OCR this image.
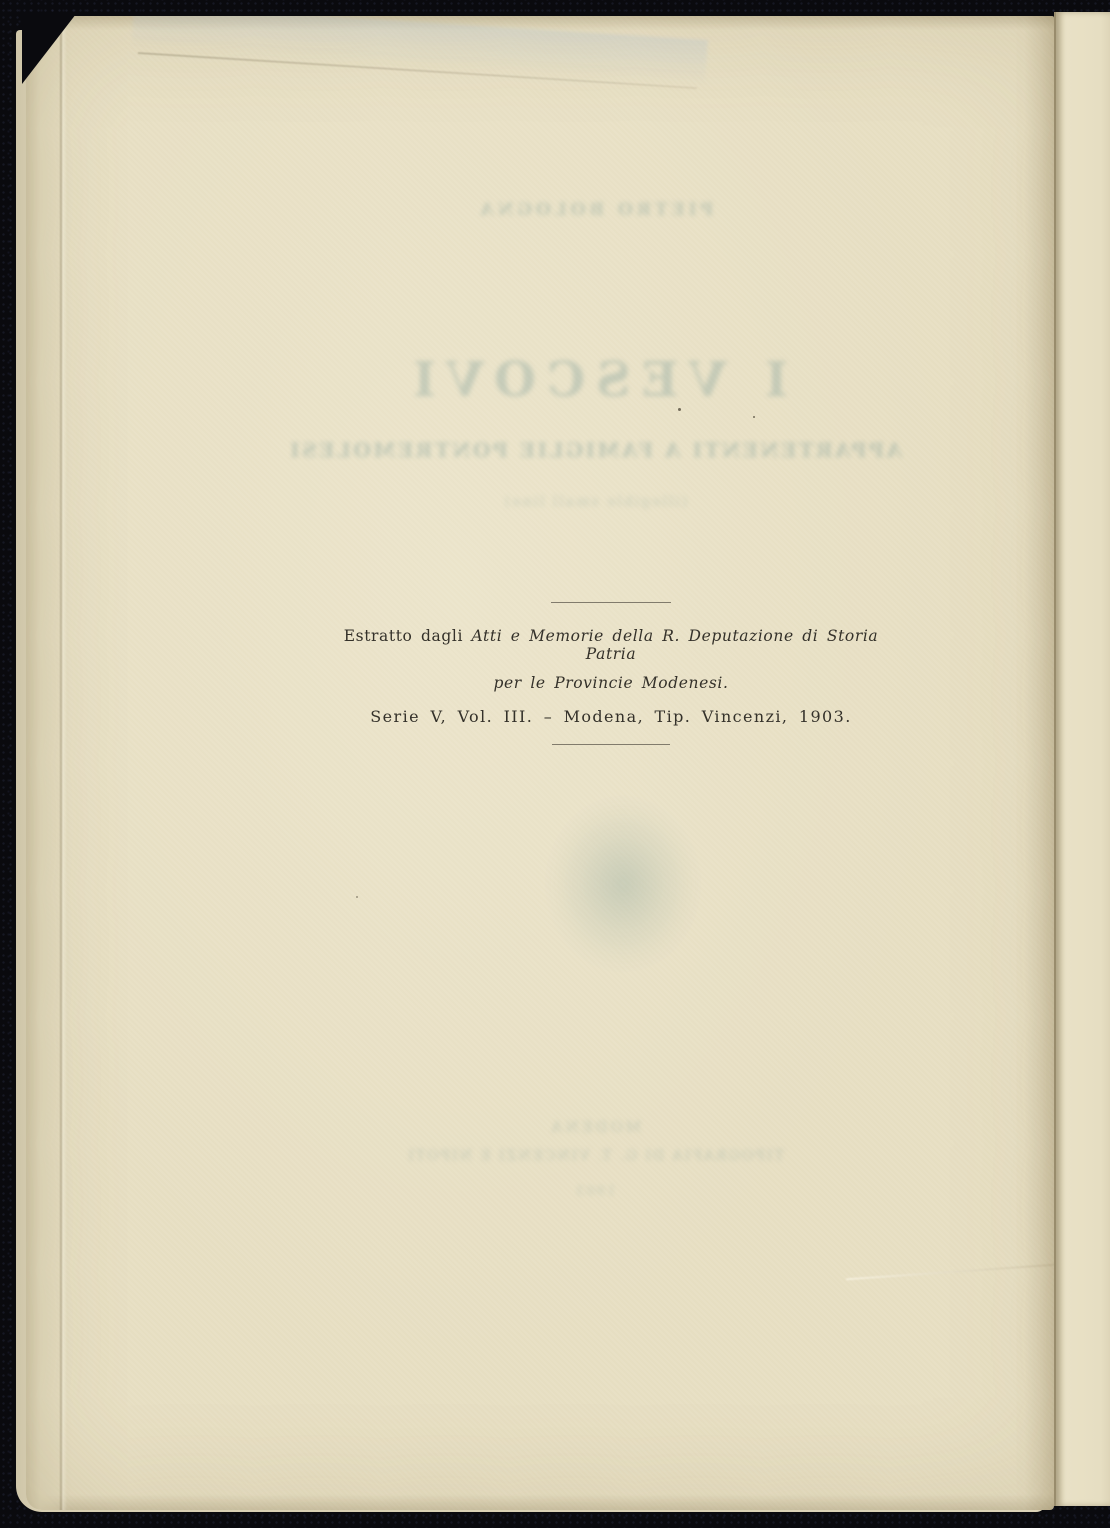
PIETRO BOLOGNA
I VESCOVI
APPARTENENTI A FAMIGLIE PONTREMOLESI
(illegible small line)
MODENA
TIPOGRAFIA DI G. T. VINCENZI E NIPOTI
1903
Estratto dagli Atti e Memorie della R. Deputazione di Storia Patria
per le Provincie Modenesi.
Serie V, Vol. III. – Modena, Tip. Vincenzi, 1903.
